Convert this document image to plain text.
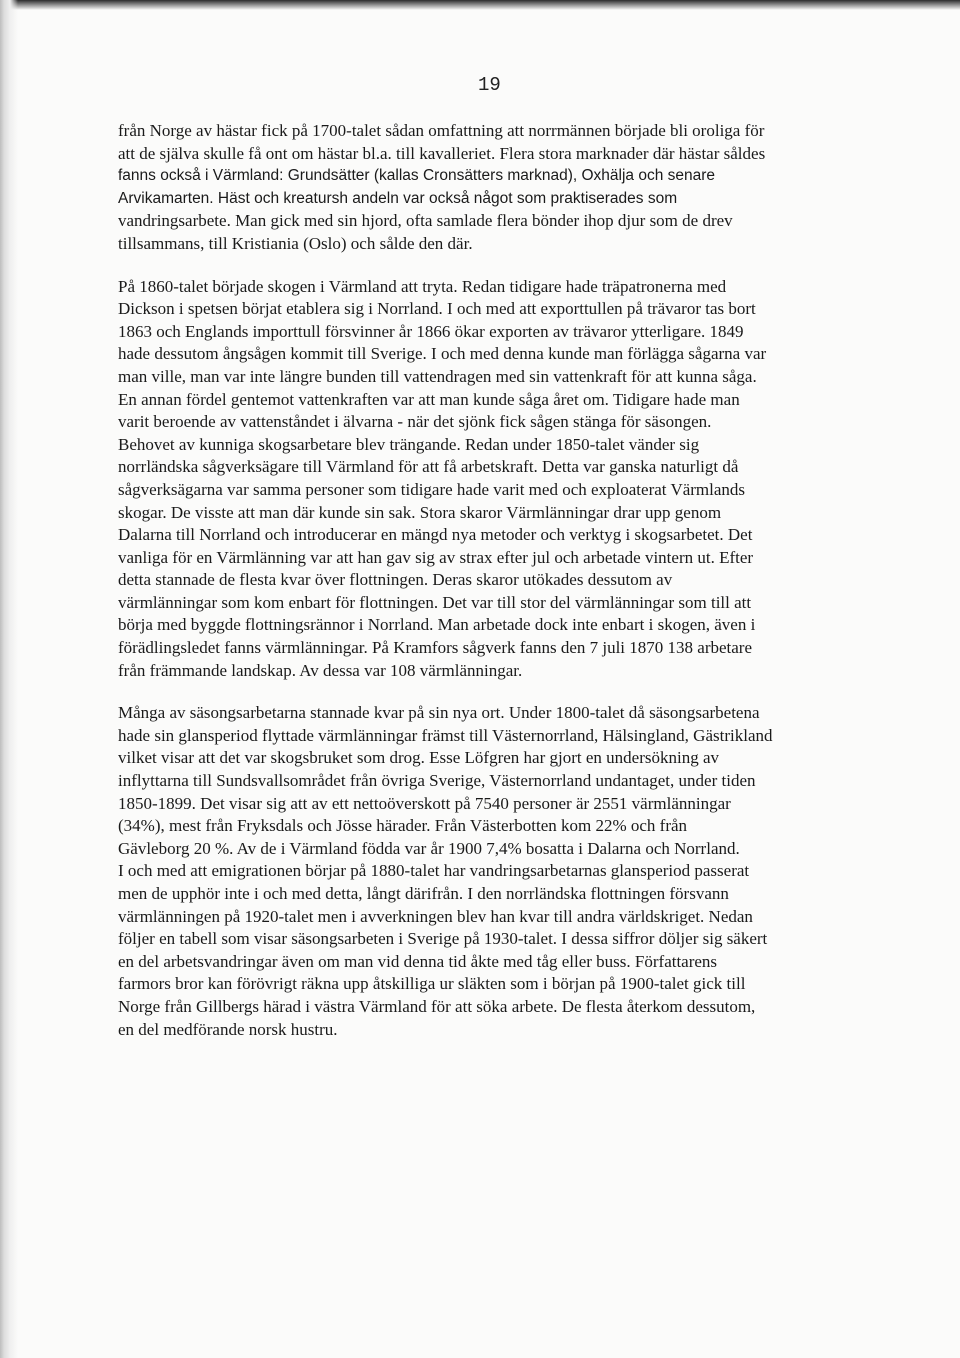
19

från Norge av hästar fick på 1700-talet sådan omfattning att norrmännen började bli oroliga för
att de själva skulle få ont om hästar bl.a. till kavalleriet. Flera stora marknader där hästar såldes
fanns också i Värmland: Grundsätter (kallas Cronsätters marknad), Oxhälja och senare
Arvikamarten. Häst och kreatursh andeln var också något som praktiserades som
vandringsarbete. Man gick med sin hjord, ofta samlade flera bönder ihop djur som de drev
tillsammans, till Kristiania (Oslo) och sålde den där.

På 1860-talet började skogen i Värmland att tryta. Redan tidigare hade träpatronerna med
Dickson i spetsen börjat etablera sig i Norrland. I och med att exporttullen på trävaror tas bort
1863 och Englands importtull försvinner år 1866 ökar exporten av trävaror ytterligare. 1849
hade dessutom ångsågen kommit till Sverige. I och med denna kunde man förlägga sågarna var
man ville, man var inte längre bunden till vattendragen med sin vattenkraft för att kunna såga.
En annan fördel gentemot vattenkraften var att man kunde såga året om. Tidigare hade man
varit beroende av vattenståndet i älvarna - när det sjönk fick sågen stänga för säsongen.
Behovet av kunniga skogsarbetare blev trängande. Redan under 1850-talet vänder sig
norrländska sågverksägare till Värmland för att få arbetskraft. Detta var ganska naturligt då
sågverksägarna var samma personer som tidigare hade varit med och exploaterat Värmlands
skogar. De visste att man där kunde sin sak. Stora skaror Värmlänningar drar upp genom
Dalarna till Norrland och introducerar en mängd nya metoder och verktyg i skogsarbetet. Det
vanliga för en Värmlänning var att han gav sig av strax efter jul och arbetade vintern ut. Efter
detta stannade de flesta kvar över flottningen. Deras skaror utökades dessutom av
värmlänningar som kom enbart för flottningen. Det var till stor del värmlänningar som till att
börja med byggde flottningsrännor i Norrland. Man arbetade dock inte enbart i skogen, även i
förädlingsledet fanns värmlänningar. På Kramfors sågverk fanns den 7 juli 1870 138 arbetare
från främmande landskap. Av dessa var 108 värmlänningar.

Många av säsongsarbetarna stannade kvar på sin nya ort. Under 1800-talet då säsongsarbetena
hade sin glansperiod flyttade värmlänningar främst till Västernorrland, Hälsingland, Gästrikland
vilket visar att det var skogsbruket som drog. Esse Löfgren har gjort en undersökning av
inflyttarna till Sundsvallsområdet från övriga Sverige, Västernorrland undantaget, under tiden
1850-1899. Det visar sig att av ett nettoöverskott på 7540 personer är 2551 värmlänningar
(34%), mest från Fryksdals och Jösse härader. Från Västerbotten kom 22% och från
Gävleborg 20 %. Av de i Värmland födda var år 1900 7,4% bosatta i Dalarna och Norrland.
I och med att emigrationen börjar på 1880-talet har vandringsarbetarnas glansperiod passerat
men de upphör inte i och med detta, långt därifrån. I den norrländska flottningen försvann
värmlänningen på 1920-talet men i avverkningen blev han kvar till andra världskriget. Nedan
följer en tabell som visar säsongsarbeten i Sverige på 1930-talet. I dessa siffror döljer sig säkert
en del arbetsvandringar även om man vid denna tid åkte med tåg eller buss. Författarens
farmors bror kan förövrigt räkna upp åtskilliga ur släkten som i början på 1900-talet gick till
Norge från Gillbergs härad i västra Värmland för att söka arbete. De flesta återkom dessutom,
en del medförande norsk hustru.
